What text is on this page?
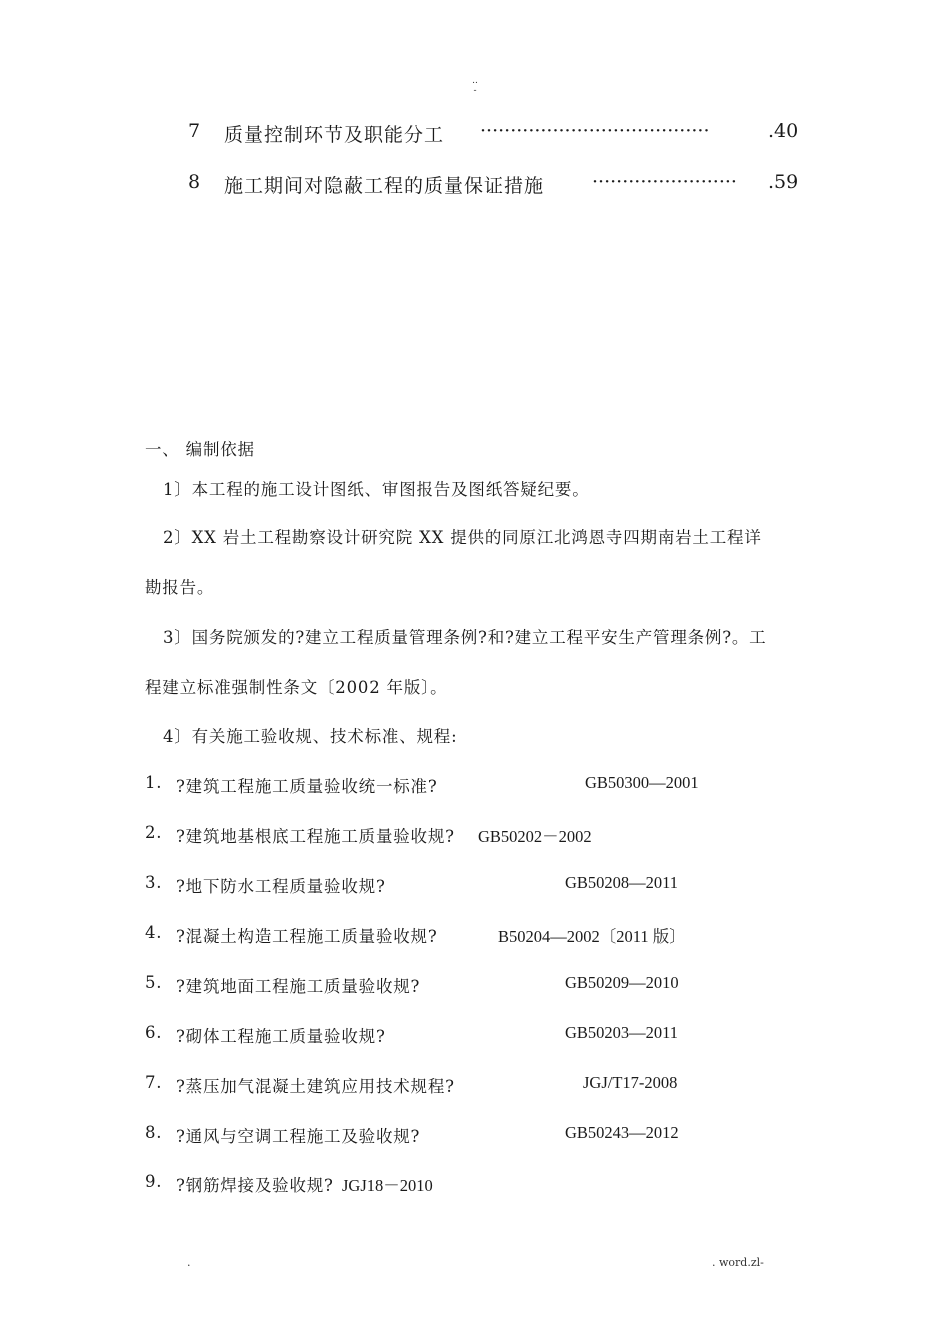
..
-
7 质量控制环节及职能分工 ······································	.40
8 施工期间对隐蔽工程的质量保证措施	························ .59
一、 编制依据
1〕本工程的施工设计图纸、审图报告及图纸答疑纪要。
2〕XX 岩土工程勘察设计研究院 XX 提供的同原江北鸿恩寺四期南岩土工程详
勘报告。
3〕国务院颁发的?建立工程质量管理条例?和?建立工程平安生产管理条例?。工
程建立标准强制性条文〔2002 年版〕。
4〕有关施工验收规、技术标准、规程:
1. ?建筑工程施工质量验收统一标准?	GB50300—2001
2. ?建筑地基根底工程施工质量验收规? GB50202－2002
3. ?地下防水工程质量验收规?	GB50208—2011
4. ?混凝土构造工程施工质量验收规?	B50204—2002〔2011 版〕
5. ?建筑地面工程施工质量验收规?	GB50209—2010
6. ?砌体工程施工质量验收规?	GB50203—2011
7. ?蒸压加气混凝土建筑应用技术规程?	JGJ/T17-2008
8. ?通风与空调工程施工及验收规?	GB50243—2012
9. ?钢筋焊接及验收规? JGJ18－2010
.	. word.zl-
